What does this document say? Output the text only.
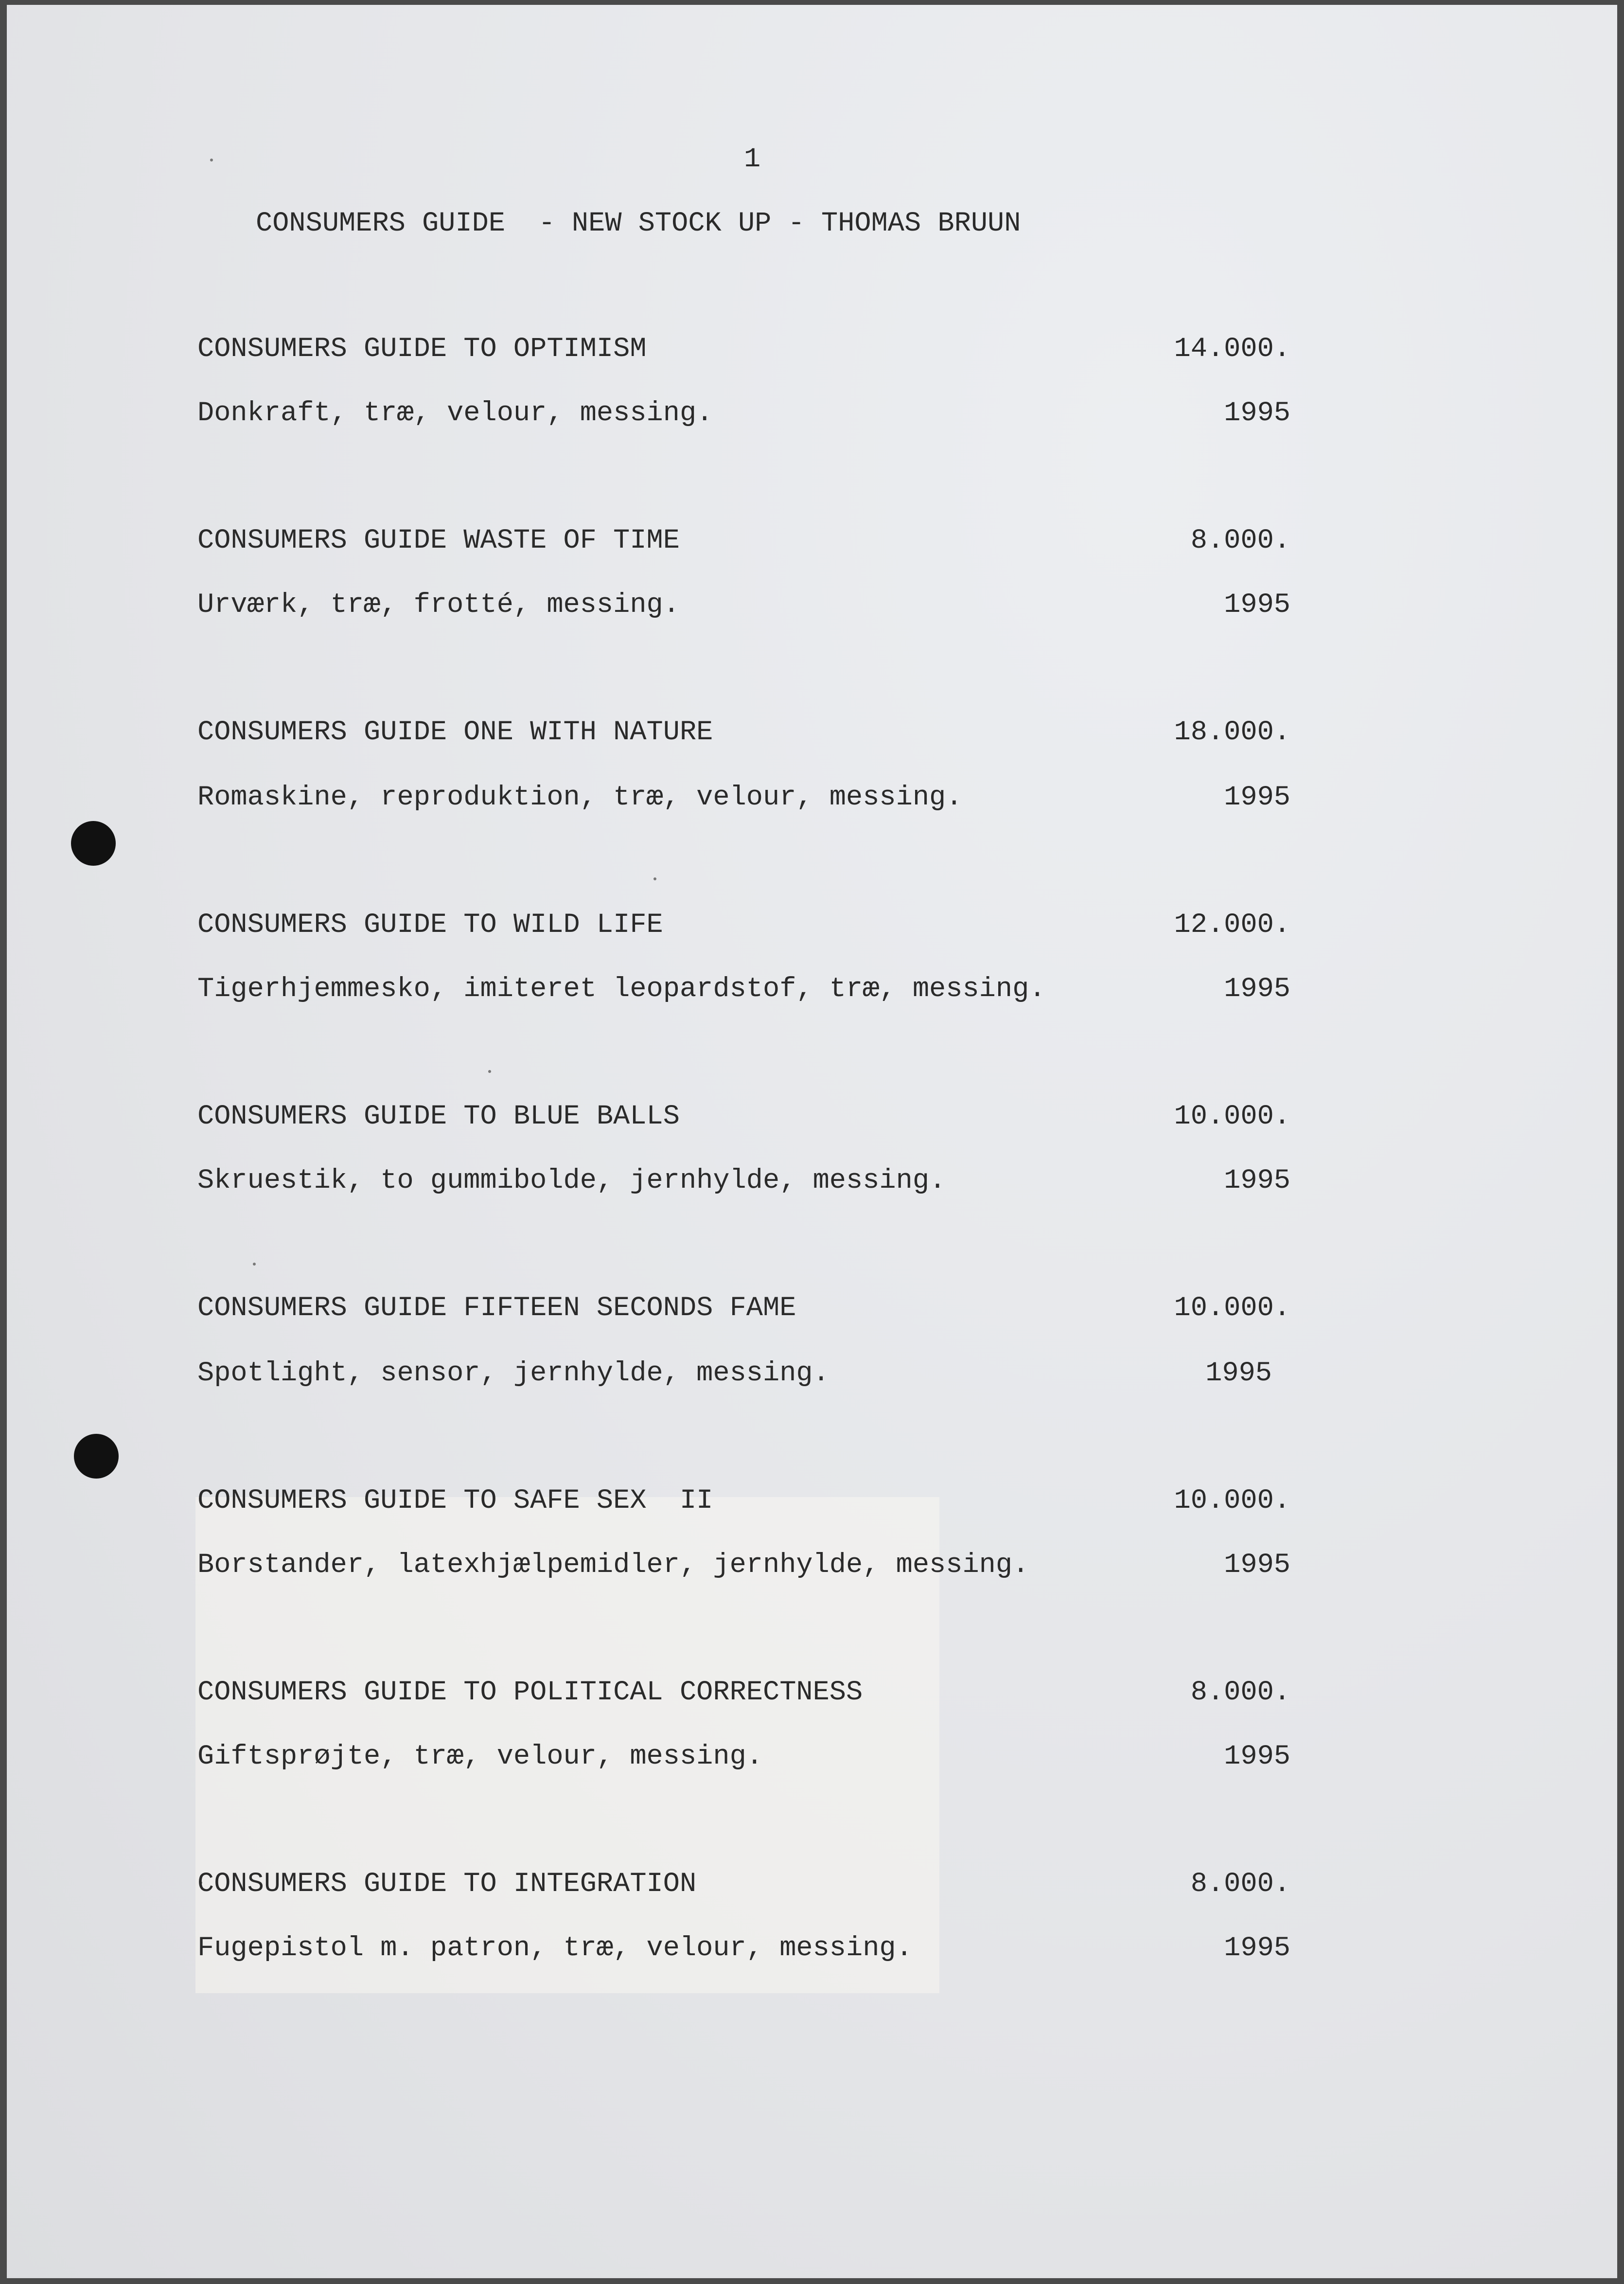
1
CONSUMERS GUIDE  - NEW STOCK UP - THOMAS BRUUN
CONSUMERS GUIDE TO OPTIMISM	14.000.
Donkraft, træ, velour, messing.	1995
CONSUMERS GUIDE WASTE OF TIME	8.000.
Urværk, træ, frotté, messing.	1995
CONSUMERS GUIDE ONE WITH NATURE	18.000.
Romaskine, reproduktion, træ, velour, messing.	1995
CONSUMERS GUIDE TO WILD LIFE	12.000.
Tigerhjemmesko, imiteret leopardstof, træ, messing.	1995
CONSUMERS GUIDE TO BLUE BALLS	10.000.
Skruestik, to gummibolde, jernhylde, messing.	1995
CONSUMERS GUIDE FIFTEEN SECONDS FAME	10.000.
Spotlight, sensor, jernhylde, messing.	1995
CONSUMERS GUIDE TO SAFE SEX  II	10.000.
Borstander, latexhjælpemidler, jernhylde, messing.	1995
CONSUMERS GUIDE TO POLITICAL CORRECTNESS	8.000.
Giftsprøjte, træ, velour, messing.	1995
CONSUMERS GUIDE TO INTEGRATION	8.000.
Fugepistol m. patron, træ, velour, messing.	1995
